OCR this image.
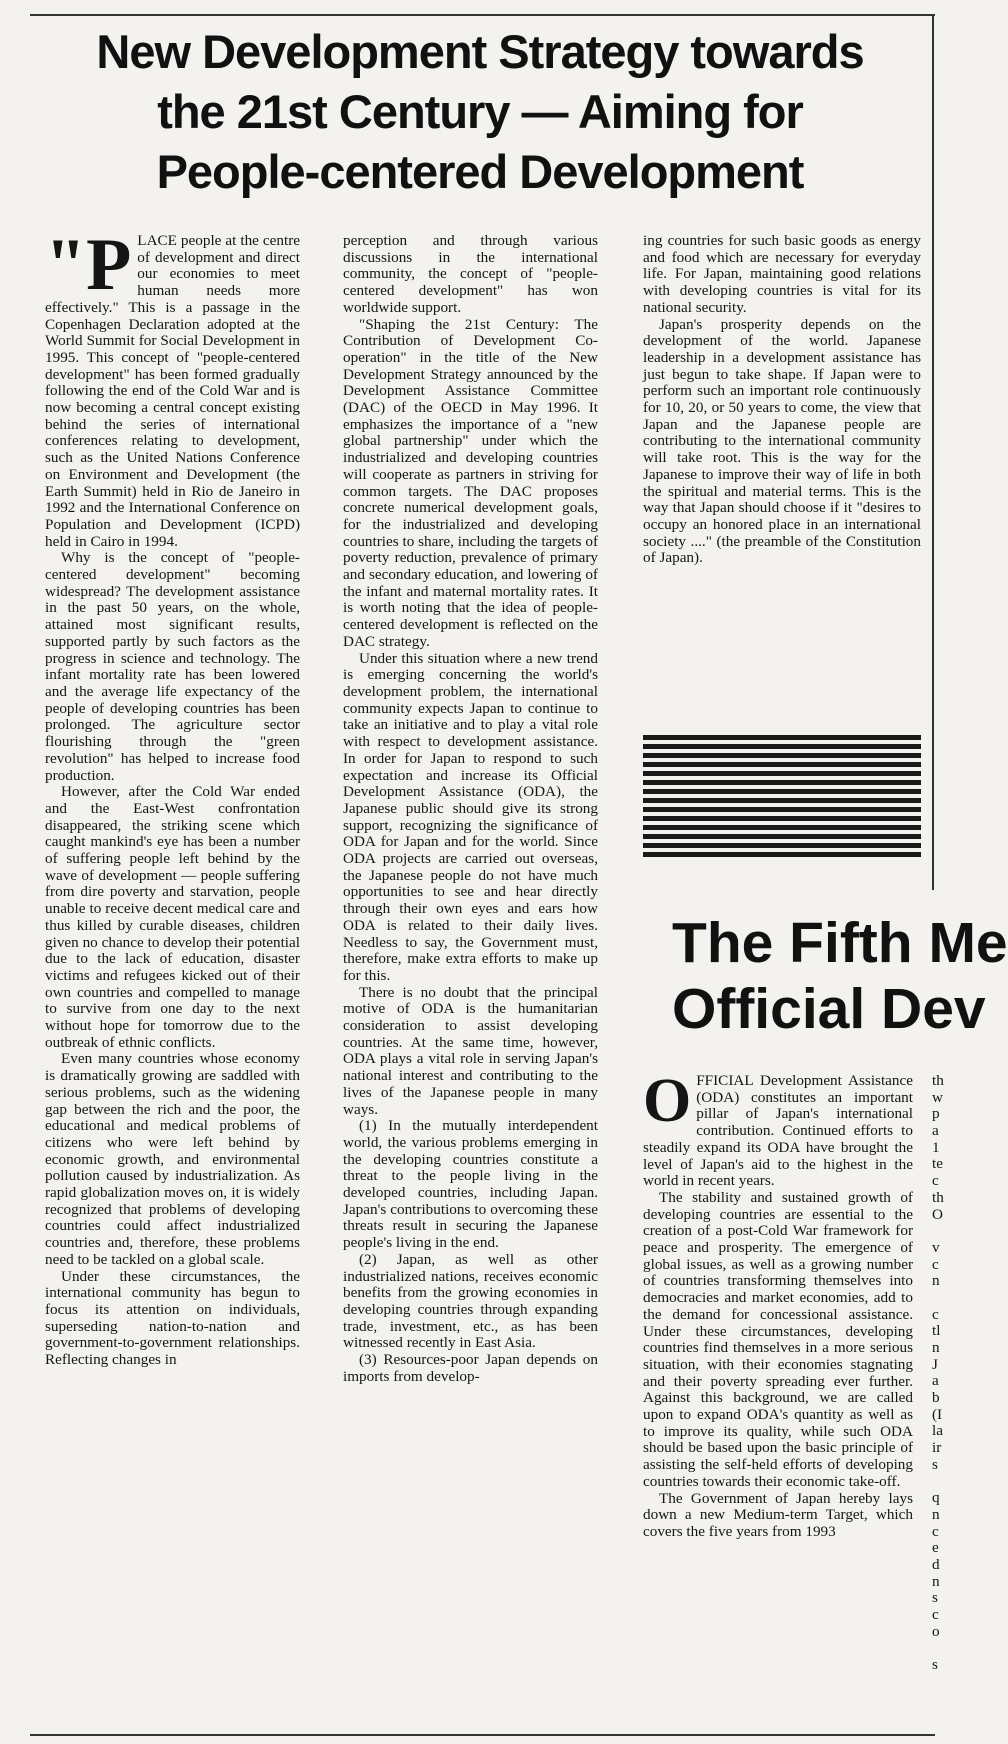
New Development Strategy towards
the 21st Century — Aiming for
People-centered Development
"P LACE people at the centre of development and direct our economies to meet human needs more effectively." This is a passage in the Copenhagen Declaration adopted at the World Summit for Social Development in 1995. This concept of "people-centered development" has been formed gradually following the end of the Cold War and is now becoming a central concept existing behind the series of international conferences relating to development, such as the United Nations Conference on Environment and Development (the Earth Summit) held in Rio de Janeiro in 1992 and the International Conference on Population and Development (ICPD) held in Cairo in 1994.

Why is the concept of "people-centered development" becoming widespread? The development assistance in the past 50 years, on the whole, attained most significant results, supported partly by such factors as the progress in science and technology. The infant mortality rate has been lowered and the average life expectancy of the people of developing countries has been prolonged. The agriculture sector flourishing through the "green revolution" has helped to increase food production.

However, after the Cold War ended and the East-West confrontation disappeared, the striking scene which caught mankind's eye has been a number of suffering people left behind by the wave of development — people suffering from dire poverty and starvation, people unable to receive decent medical care and thus killed by curable diseases, children given no chance to develop their potential due to the lack of education, disaster victims and refugees kicked out of their own countries and compelled to manage to survive from one day to the next without hope for tomorrow due to the outbreak of ethnic conflicts.

Even many countries whose economy is dramatically growing are saddled with serious problems, such as the widening gap between the rich and the poor, the educational and medical problems of citizens who were left behind by economic growth, and environmental pollution caused by industrialization. As rapid globalization moves on, it is widely recognized that problems of developing countries could affect industrialized countries and, therefore, these problems need to be tackled on a global scale.

Under these circumstances, the international community has begun to focus its attention on individuals, superseding nation-to-nation and government-to-government relationships. Reflecting changes in

perception and through various discussions in the international community, the concept of "people-centered development" has won worldwide support.

"Shaping the 21st Century: The Contribution of Development Co-operation" in the title of the New Development Strategy announced by the Development Assistance Committee (DAC) of the OECD in May 1996. It emphasizes the importance of a "new global partnership" under which the industrialized and developing countries will cooperate as partners in striving for common targets. The DAC proposes concrete numerical development goals, for the industrialized and developing countries to share, including the targets of poverty reduction, prevalence of primary and secondary education, and lowering of the infant and maternal mortality rates. It is worth noting that the idea of people-centered development is reflected on the DAC strategy.

Under this situation where a new trend is emerging concerning the world's development problem, the international community expects Japan to continue to take an initiative and to play a vital role with respect to development assistance. In order for Japan to respond to such expectation and increase its Official Development Assistance (ODA), the Japanese public should give its strong support, recognizing the significance of ODA for Japan and for the world. Since ODA projects are carried out overseas, the Japanese people do not have much opportunities to see and hear directly through their own eyes and ears how ODA is related to their daily lives. Needless to say, the Government must, therefore, make extra efforts to make up for this.

There is no doubt that the principal motive of ODA is the humanitarian consideration to assist developing countries. At the same time, however, ODA plays a vital role in serving Japan's national interest and contributing to the lives of the Japanese people in many ways.

(1) In the mutually interdependent world, the various problems emerging in the developing countries constitute a threat to the people living in the developed countries, including Japan. Japan's contributions to overcoming these threats result in securing the Japanese people's living in the end.

(2) Japan, as well as other industrialized nations, receives economic benefits from the growing economies in developing countries through expanding trade, investment, etc., as has been witnessed recently in East Asia.

(3) Resources-poor Japan depends on imports from develop-

ing countries for such basic goods as energy and food which are necessary for everyday life. For Japan, maintaining good relations with developing countries is vital for its national security.

Japan's prosperity depends on the development of the world. Japanese leadership in a development assistance has just begun to take shape. If Japan were to perform such an important role continuously for 10, 20, or 50 years to come, the view that Japan and the Japanese people are contributing to the international community will take root. This is the way for the Japanese to improve their way of life in both the spiritual and material terms. This is the way that Japan should choose if it "desires to occupy an honored place in an international society ...." (the preamble of the Constitution of Japan).

The Fifth Me
Official Dev
O FFICIAL Development Assistance (ODA) constitutes an important pillar of Japan's international contribution. Continued efforts to steadily expand its ODA have brought the level of Japan's aid to the highest in the world in recent years.

The stability and sustained growth of developing countries are essential to the creation of a post-Cold War framework for peace and prosperity. The emergence of global issues, as well as a growing number of countries transforming themselves into democracies and market economies, add to the demand for concessional assistance. Under these circumstances, developing countries find themselves in a more serious situation, with their economies stagnating and their poverty spreading ever further. Against this background, we are called upon to expand ODA's quantity as well as to improve its quality, while such ODA should be based upon the basic principle of assisting the self-held efforts of developing countries towards their economic take-off.

The Government of Japan hereby lays down a new Medium-term Target, which covers the five years from 1993

th
w
p
a
1
te
c
th
O
v
c
n
c
tl
n
J
a
b
(I
la
ir
s
q
n
c
e
d
n
s
c
o
s
